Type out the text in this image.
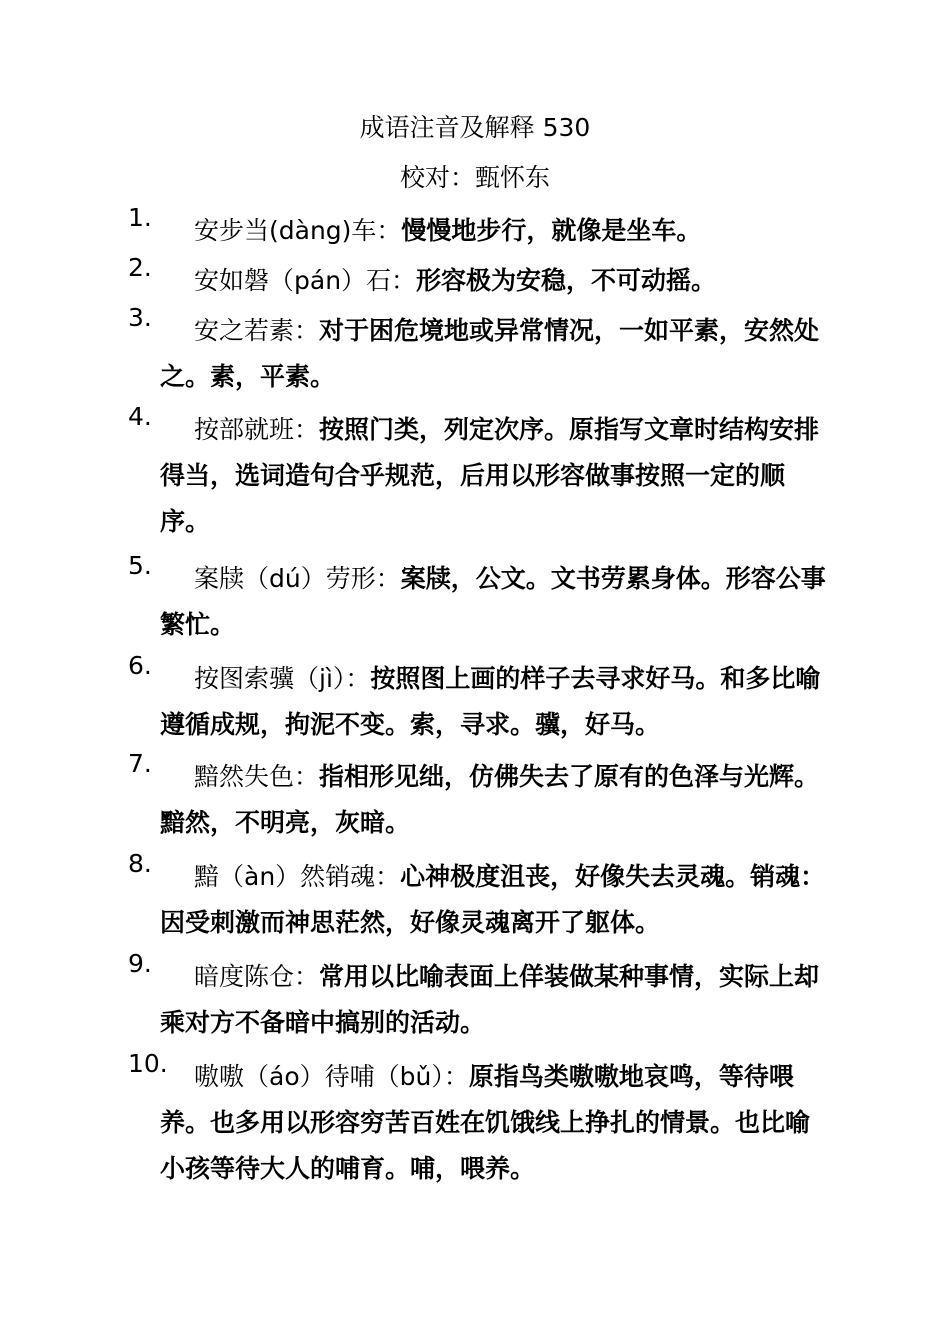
成语注音及解释 530
校对：甄怀东
1.	安步当(dàng)车：慢慢地步行，就像是坐车。
2.	安如磐（pán）石：形容极为安稳，不可动摇。
3.	安之若素：对于困危境地或异常情况，一如平素，安然处之。素，平素。
4.	按部就班：按照门类，列定次序。原指写文章时结构安排得当，选词造句合乎规范，后用以形容做事按照一定的顺序。
5.	案牍（dú）劳形：案牍，公文。文书劳累身体。形容公事繁忙。
6.	按图索骥（jì）：按照图上画的样子去寻求好马。和多比喻遵循成规，拘泥不变。索，寻求。骥，好马。
7.	黯然失色：指相形见绌，仿佛失去了原有的色泽与光辉。黯然，不明亮，灰暗。
8.	黯（àn）然销魂：心神极度沮丧，好像失去灵魂。销魂：因受刺激而神思茫然，好像灵魂离开了躯体。
9.	暗度陈仓：常用以比喻表面上佯装做某种事情，实际上却乘对方不备暗中搞别的活动。
10.	嗷嗷（áo）待哺（bǔ）：原指鸟类嗷嗷地哀鸣，等待喂养。也多用以形容穷苦百姓在饥饿线上挣扎的情景。也比喻小孩等待大人的哺育。哺，喂养。
